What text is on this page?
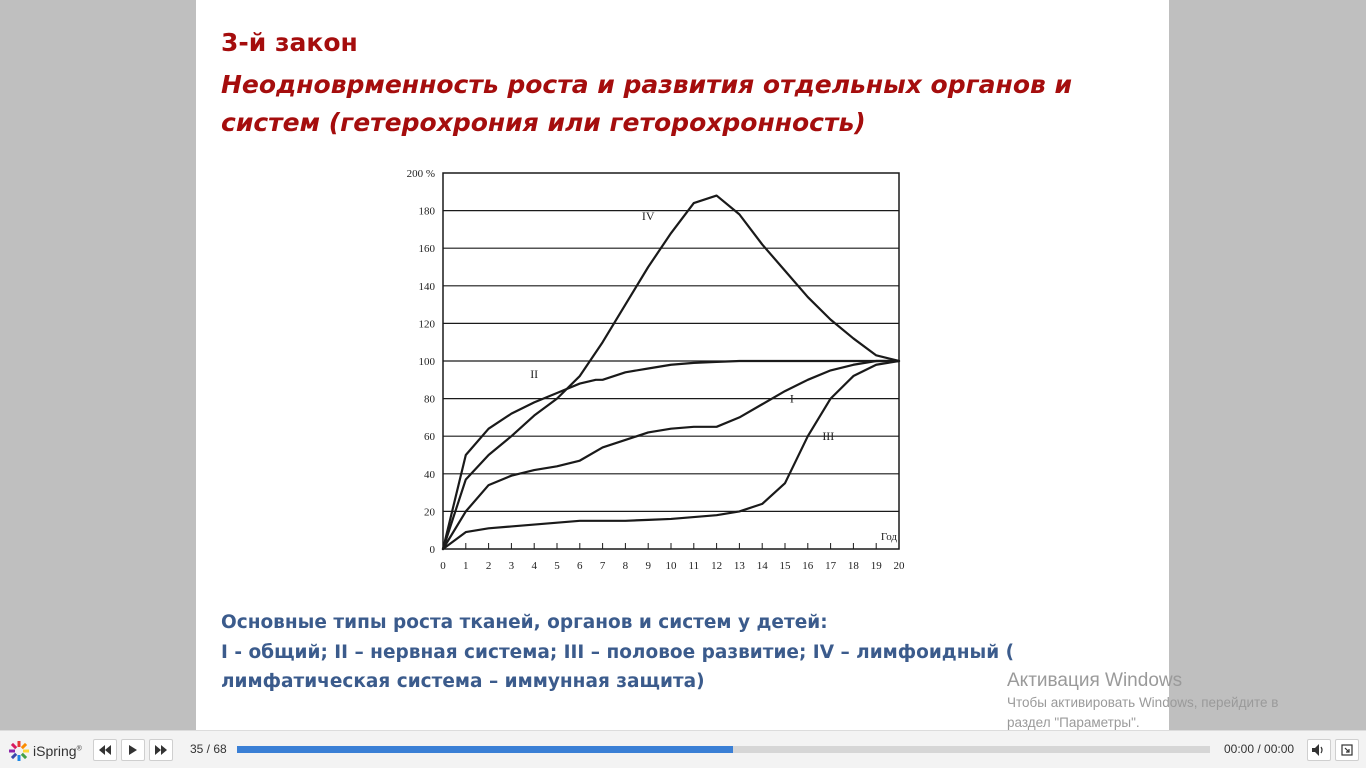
3-й закон
Неодноврменность роста и развития отдельных органов и систем (гетерохрония или геторохронность)
0
20
40
60
80
100
120
140
160
180
200 %
0 1 2 3 4 5 6 7 8 9 10 11 12 13 14 15 16 17 18 19 20
Год
I
II
III
IV
Основные типы роста тканей, органов и систем у детей:
I - общий; II – нервная система; III – половое развитие; IV – лимфоидный (
лимфатическая система – иммунная защита)	Активация Windows
Чтобы активировать Windows, перейдите в
раздел "Параметры".
iSpring®	35 / 68	00:00 / 00:00
